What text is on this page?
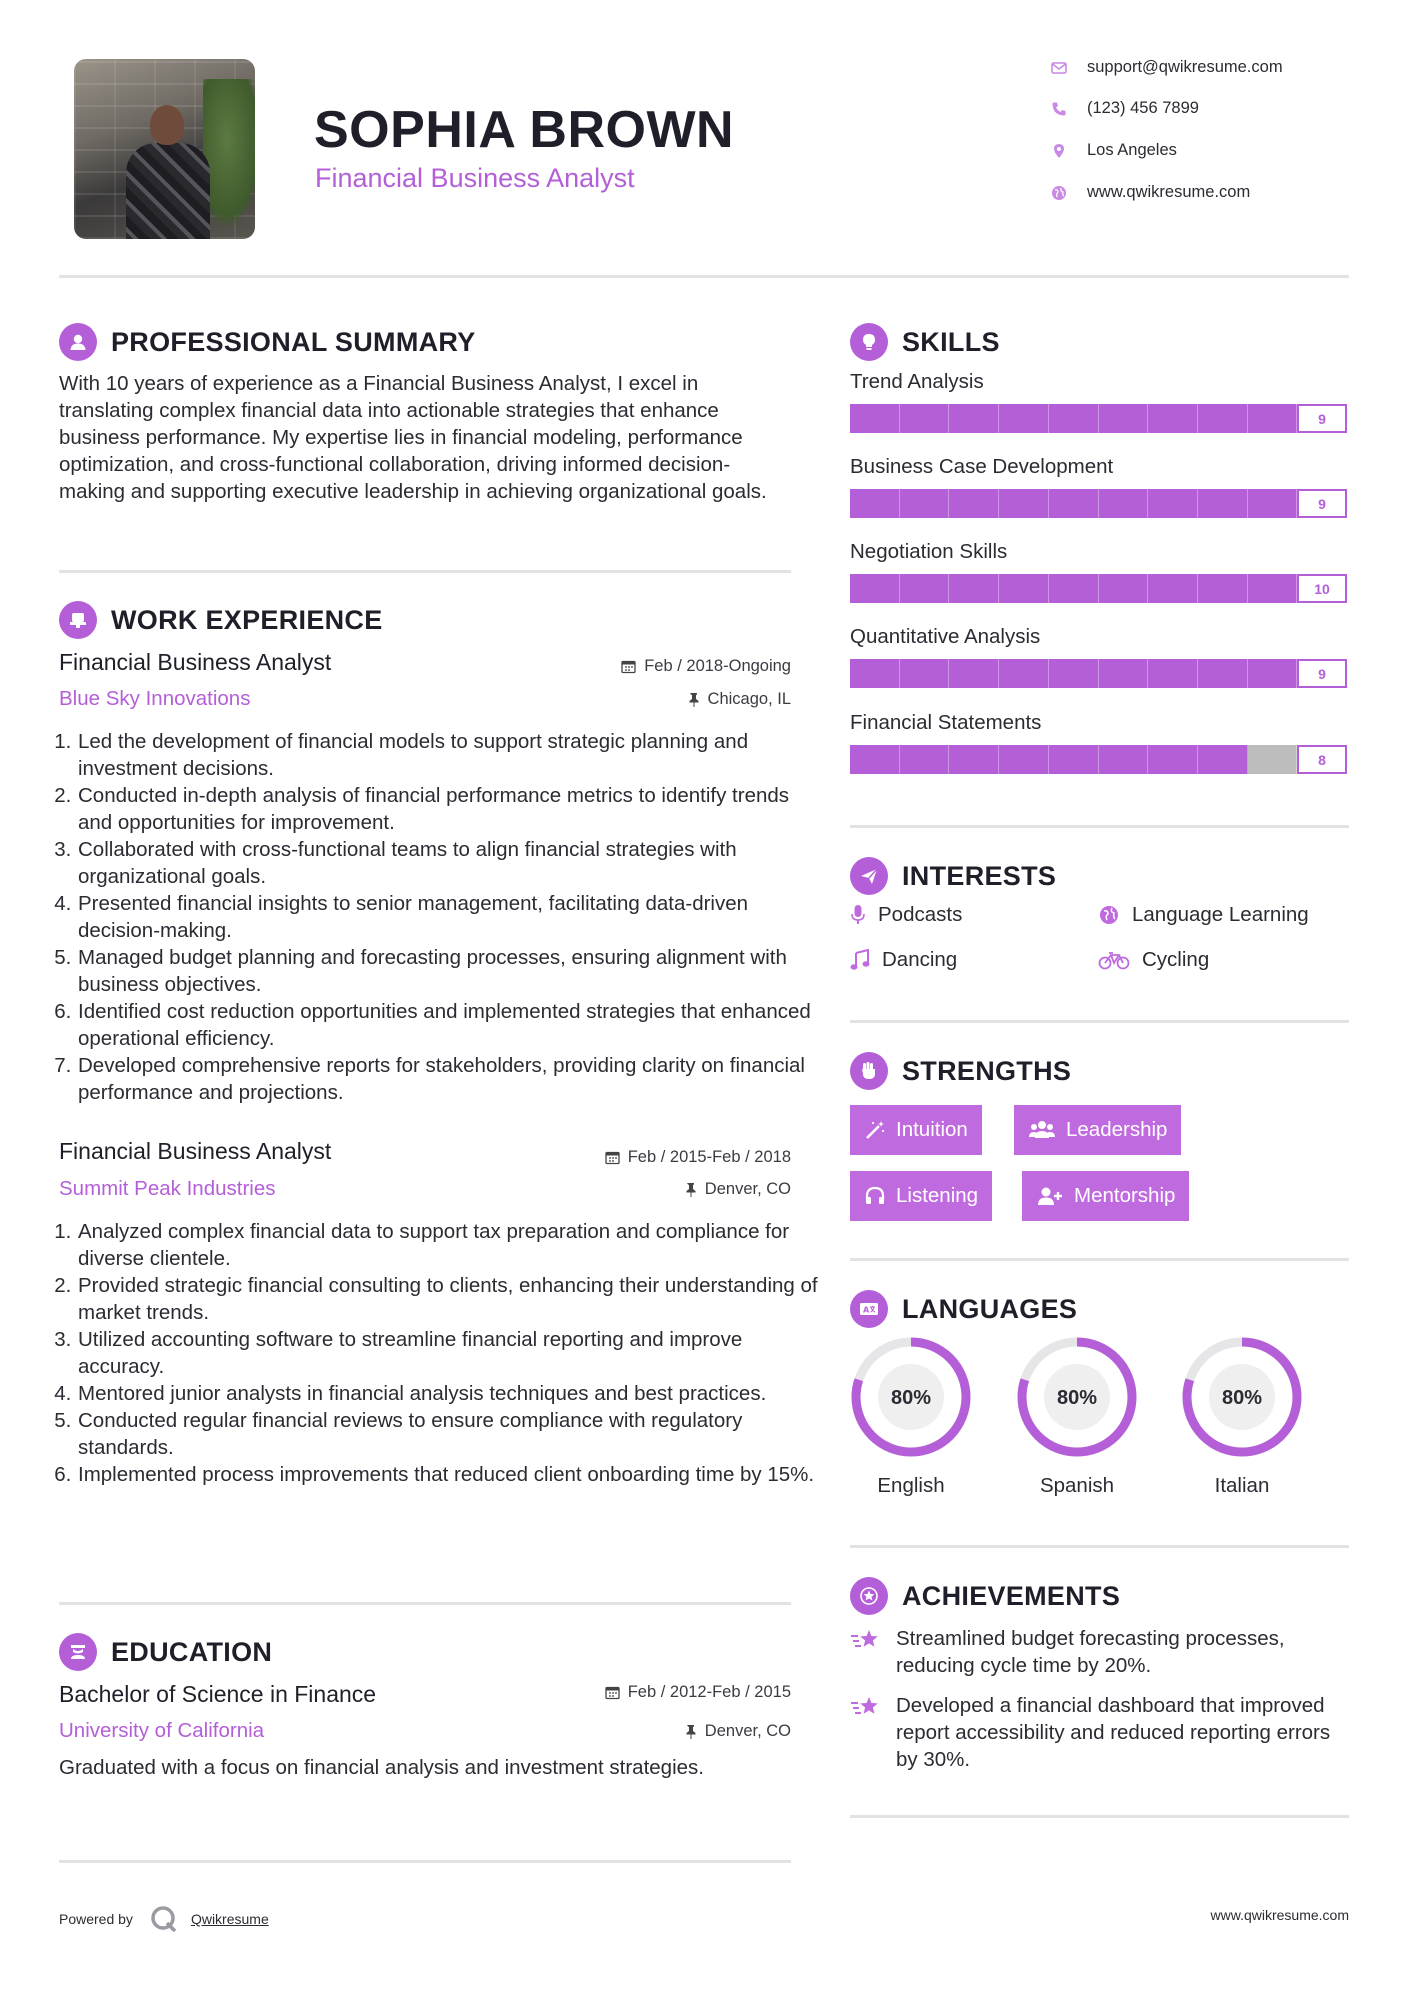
SOPHIA BROWN
Financial Business Analyst
support@qwikresume.com
(123) 456 7899
Los Angeles
www.qwikresume.com
PROFESSIONAL SUMMARY
With 10 years of experience as a Financial Business Analyst, I excel in translating complex financial data into actionable strategies that enhance business performance. My expertise lies in financial modeling, performance optimization, and cross-functional collaboration, driving informed decision-making and supporting executive leadership in achieving organizational goals.
WORK EXPERIENCE
Financial Business Analyst	Feb / 2018-Ongoing
Blue Sky Innovations	Chicago, IL
1. Led the development of financial models to support strategic planning and investment decisions.
2. Conducted in-depth analysis of financial performance metrics to identify trends and opportunities for improvement.
3. Collaborated with cross-functional teams to align financial strategies with organizational goals.
4. Presented financial insights to senior management, facilitating data-driven decision-making.
5. Managed budget planning and forecasting processes, ensuring alignment with business objectives.
6. Identified cost reduction opportunities and implemented strategies that enhanced operational efficiency.
7. Developed comprehensive reports for stakeholders, providing clarity on financial performance and projections.
Financial Business Analyst	Feb / 2015-Feb / 2018
Summit Peak Industries	Denver, CO
1. Analyzed complex financial data to support tax preparation and compliance for diverse clientele.
2. Provided strategic financial consulting to clients, enhancing their understanding of market trends.
3. Utilized accounting software to streamline financial reporting and improve accuracy.
4. Mentored junior analysts in financial analysis techniques and best practices.
5. Conducted regular financial reviews to ensure compliance with regulatory standards.
6. Implemented process improvements that reduced client onboarding time by 15%.
EDUCATION
Bachelor of Science in Finance	Feb / 2012-Feb / 2015
University of California	Denver, CO
Graduated with a focus on financial analysis and investment strategies.
SKILLS
Trend Analysis
9
Business Case Development
9
Negotiation Skills
10
Quantitative Analysis
9
Financial Statements
8
INTERESTS
Podcasts	Language Learning
Dancing	Cycling
STRENGTHS
Intuition	Leadership
Listening	Mentorship
A LANGUAGES
80%	80%	80%
English	Spanish	Italian
ACHIEVEMENTS
Streamlined budget forecasting processes, reducing cycle time by 20%.
Developed a financial dashboard that improved report accessibility and reduced reporting errors by 30%.
Powered by	Qwikresume	www.qwikresume.com
